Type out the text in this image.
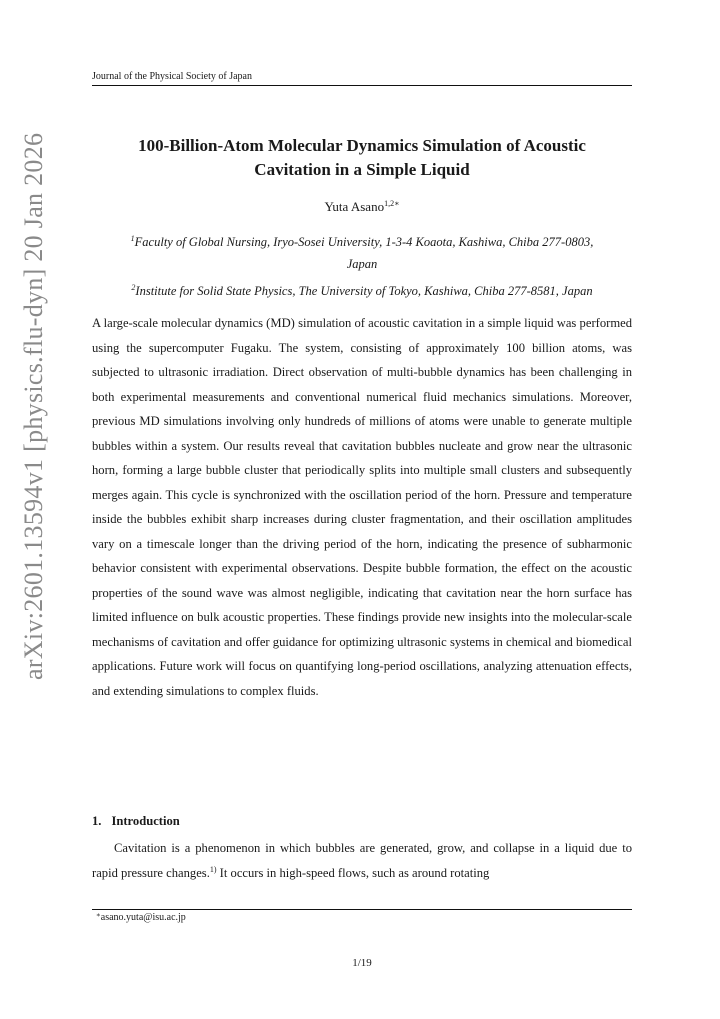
Journal of the Physical Society of Japan
arXiv:2601.13594v1 [physics.flu-dyn] 20 Jan 2026	100-Billion-Atom Molecular Dynamics Simulation of Acoustic
Cavitation in a Simple Liquid
Yuta Asano$^{1,2∗}$
$^1$Faculty of Global Nursing, Iryo-Sosei University, 1-3-4 Koaota, Kashiwa, Chiba 277-0803,
Japan
$^2$Institute for Solid State Physics, The University of Tokyo, Kashiwa, Chiba 277-8581, Japan

A large-scale molecular dynamics (MD) simulation of acoustic cavitation in a simple liquid was performed using the supercomputer Fugaku. The system, consisting of approximately 100 billion atoms, was subjected to ultrasonic irradiation. Direct observation of multi-bubble dynamics has been challenging in both experimental measurements and conventional numerical fluid mechanics simulations. Moreover, previous MD simulations involving only hundreds of millions of atoms were unable to generate multiple bubbles within a system. Our results reveal that cavitation bubbles nucleate and grow near the ultrasonic horn, forming a large bubble cluster that periodically splits into multiple small clusters and subsequently merges again. This cycle is synchronized with the oscillation period of the horn. Pressure and temperature inside the bubbles exhibit sharp increases during cluster fragmentation, and their oscillation amplitudes vary on a timescale longer than the driving period of the horn, indicating the presence of subharmonic behavior consistent with experimental observations. Despite bubble formation, the effect on the acoustic properties of the sound wave was almost negligible, indicating that cavitation near the horn surface has limited influence on bulk acoustic properties. These findings provide new insights into the molecular-scale mechanisms of cavitation and offer guidance for optimizing ultrasonic systems in chemical and biomedical applications. Future work will focus on quantifying long-period oscillations, analyzing attenuation effects, and extending simulations to complex fluids.

1. Introduction

Cavitation is a phenomenon in which bubbles are generated, grow, and collapse in a liquid due to rapid pressure changes.$^{1)}$ It occurs in high-speed flows, such as around rotating

∗asano.yuta@isu.ac.jp
1/19
